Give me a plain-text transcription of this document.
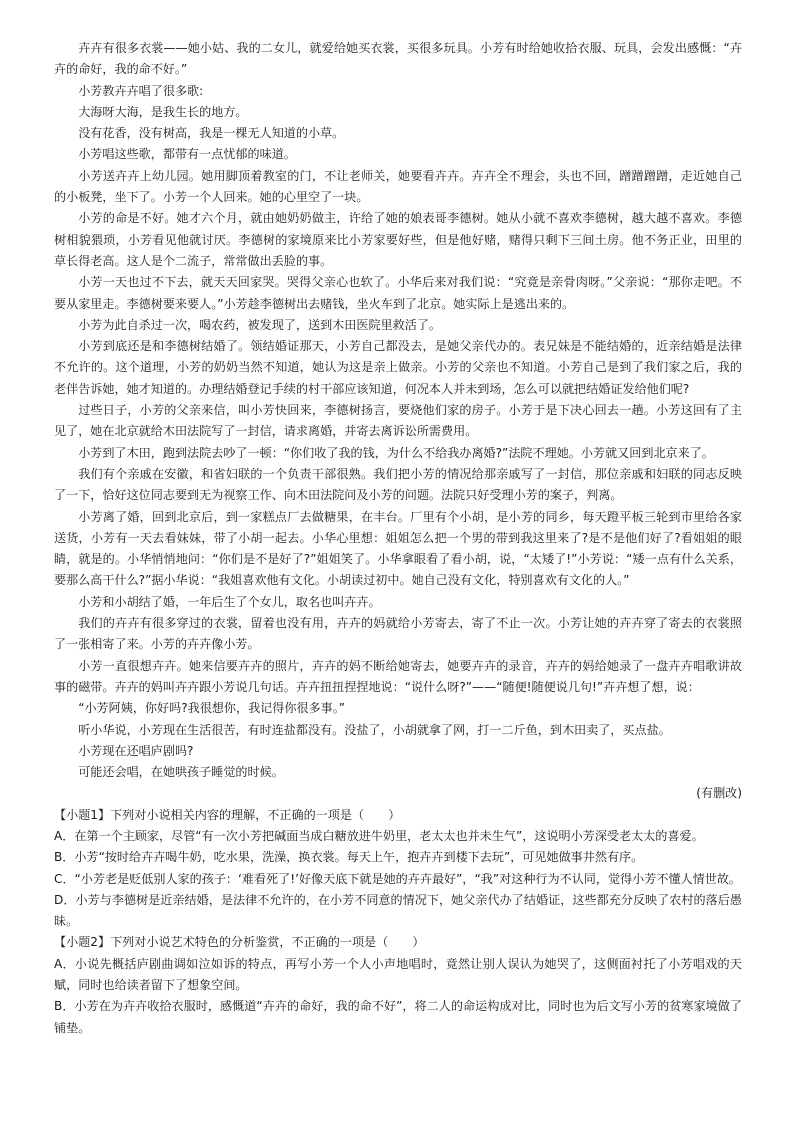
卉卉有很多衣裳——她小姑、我的二女儿，就爱给她买衣裳，买很多玩具。小芳有时给她收拾衣服、玩具，会发出感慨：“卉卉的命好，我的命不好。”

小芳教卉卉唱了很多歌:

大海呀大海，是我生长的地方。

没有花香，没有树高，我是一棵无人知道的小草。

小芳唱这些歌，都带有一点忧郁的味道。

小芳送卉卉上幼儿园。她用脚顶着教室的门，不让老师关，她要看卉卉。卉卉全不理会，头也不回，蹭蹭蹭蹭，走近她自己的小板凳，坐下了。小芳一个人回来。她的心里空了一块。

小芳的命是不好。她才六个月，就由她奶奶做主，许给了她的娘表哥李德树。她从小就不喜欢李德树，越大越不喜欢。李德树相貌猥琐，小芳看见他就讨厌。李德树的家境原来比小芳家要好些，但是他好赌，赌得只剩下三间土房。他不务正业，田里的草长得老高。这人是个二流子，常常做出丢脸的事。

小芳一天也过不下去，就天天回家哭。哭得父亲心也软了。小华后来对我们说：“究竟是亲骨肉呀。”父亲说：“那你走吧。不要从家里走。李德树要来要人。”小芳趁李德树出去赌钱，坐火车到了北京。她实际上是逃出来的。

小芳为此自杀过一次，喝农药，被发现了，送到木田医院里救活了。

小芳到底还是和李德树结婚了。领结婚证那天，小芳自己都没去，是她父亲代办的。表兄妹是不能结婚的，近亲结婚是法律不允许的。这个道理，小芳的奶奶当然不知道，她认为这是亲上做亲。小芳的父亲也不知道。小芳自己是到了我们家之后，我的老伴告诉她，她才知道的。办理结婚登记手续的村干部应该知道，何况本人并未到场，怎么可以就把结婚证发给他们呢?

过些日子，小芳的父亲来信，叫小芳快回来，李德树扬言，要烧他们家的房子。小芳于是下决心回去一趟。小芳这回有了主见了，她在北京就给木田法院写了一封信，请求离婚，并寄去离诉讼所需费用。

小芳到了木田，跑到法院去吵了一顿：“你们收了我的钱，为什么不给我办离婚?”法院不理她。小芳就又回到北京来了。

我们有个亲戚在安徽，和省妇联的一个负责干部很熟。我们把小芳的情况给那亲戚写了一封信，那位亲戚和妇联的同志反映了一下，恰好这位同志要到无为视察工作、向木田法院问及小芳的问题。法院只好受理小芳的案子，判离。

小芳离了婚，回到北京后，到一家糕点厂去做糖果，在丰台。厂里有个小胡，是小芳的同乡，每天蹬平板三轮到市里给各家送货，小芳有一天去看妹妹，带了小胡一起去。小华心里想：姐姐怎么把一个男的带到我这里来了?是不是他们好了?看姐姐的眼睛，就是的。小华悄悄地问：“你们是不是好了?”姐姐笑了。小华拿眼看了看小胡，说，“太矮了!”小芳说：“矮一点有什么关系，要那么高干什么?”据小华说：“我姐喜欢他有文化。小胡读过初中。她自己没有文化，特别喜欢有文化的人。”

小芳和小胡结了婚，一年后生了个女儿，取名也叫卉卉。

我们的卉卉有很多穿过的衣裳，留着也没有用，卉卉的妈就给小芳寄去，寄了不止一次。小芳让她的卉卉穿了寄去的衣裳照了一张相寄了来。小芳的卉卉像小芳。

小芳一直很想卉卉。她来信要卉卉的照片，卉卉的妈不断给她寄去，她要卉卉的录音，卉卉的妈给她录了一盘卉卉唱歌讲故事的磁带。卉卉的妈叫卉卉跟小芳说几句话。卉卉扭扭捏捏地说：“说什么呀?”——“随便!随便说几句!”卉卉想了想，说：

“小芳阿姨，你好吗?我很想你，我记得你很多事。”

听小华说，小芳现在生活很苦，有时连盐都没有。没盐了，小胡就拿了网，打一二斤鱼，到木田卖了，买点盐。

小芳现在还唱庐剧吗?

可能还会唱，在她哄孩子睡觉的时候。

(有删改)

【小题1】下列对小说相关内容的理解，不正确的一项是（　　）

A．在第一个主顾家，尽管“有一次小芳把碱面当成白糖放进牛奶里，老太太也并未生气”，这说明小芳深受老太太的喜爱。

B．小芳“按时给卉卉喝牛奶，吃水果，洗澡，换衣裳。每天上午，抱卉卉到楼下去玩”，可见她做事井然有序。

C．“小芳老是贬低别人家的孩子：‘难看死了!’好像天底下就是她的卉卉最好”，“我”对这种行为不认同，觉得小芳不懂人情世故。

D．小芳与李德树是近亲结婚，是法律不允许的，在小芳不同意的情况下，她父亲代办了结婚证，这些都充分反映了农村的落后愚昧。

【小题2】下列对小说艺术特色的分析鉴赏，不正确的一项是（　　）

A．小说先概括庐剧曲调如泣如诉的特点，再写小芳一个人小声地唱时，竟然让别人误认为她哭了，这侧面衬托了小芳唱戏的天赋，同时也给读者留下了想象空间。

B．小芳在为卉卉收拾衣服时，感慨道“卉卉的命好，我的命不好”，将二人的命运构成对比，同时也为后文写小芳的贫寒家境做了铺垫。
